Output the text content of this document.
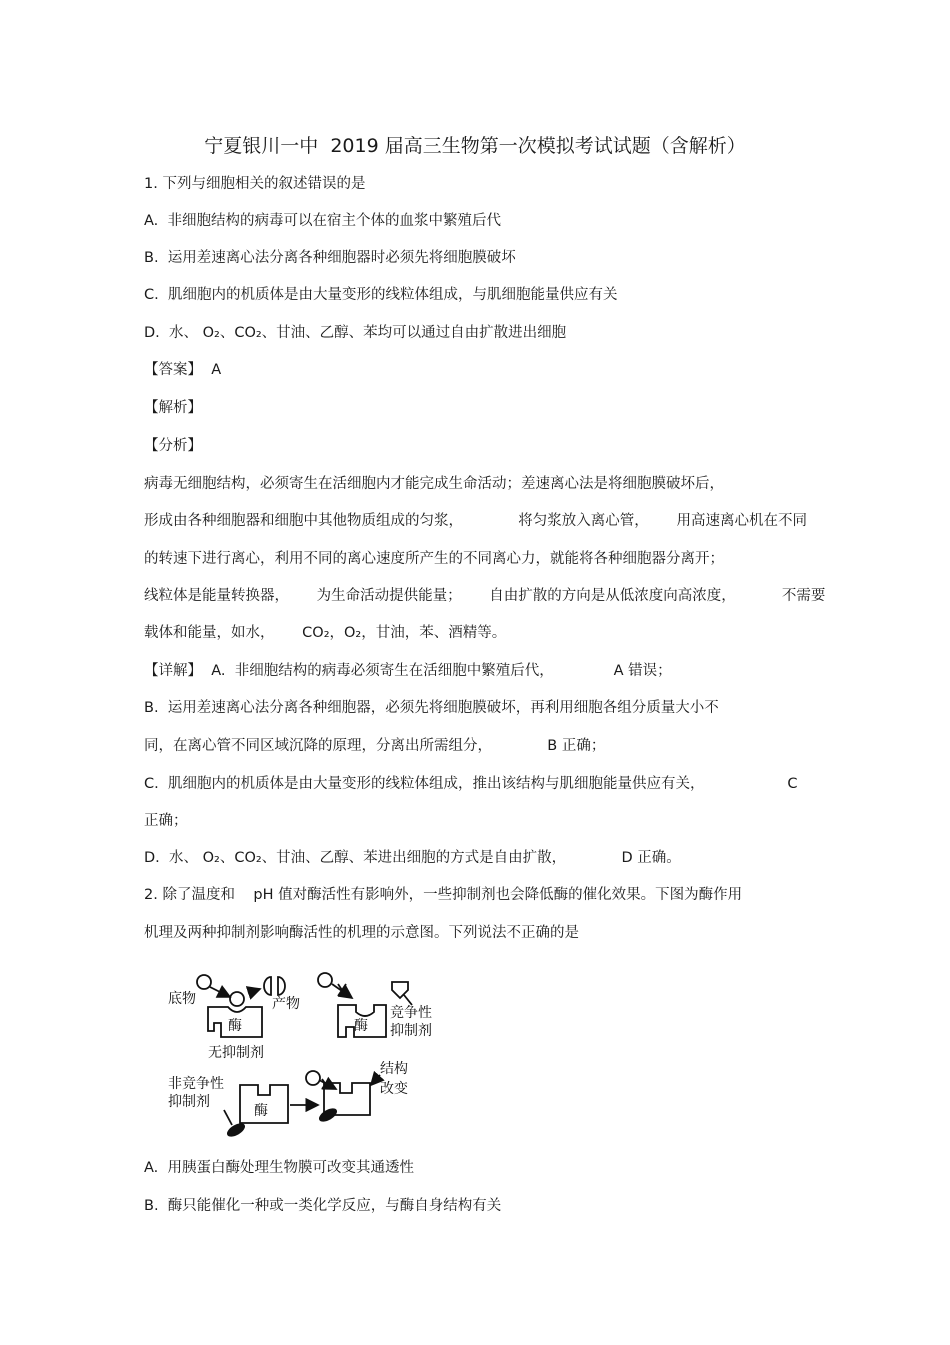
宁夏银川一中  2019 届高三生物第一次模拟考试试题（含解析）
1. 下列与细胞相关的叙述错误的是
A.  非细胞结构的病毒可以在宿主个体的血浆中繁殖后代
B.  运用差速离心法分离各种细胞器时必须先将细胞膜破坏
C.  肌细胞内的机质体是由大量变形的线粒体组成，与肌细胞能量供应有关
D.  水、 O₂、CO₂、甘油、乙醇、苯均可以通过自由扩散进出细胞
【答案】  A
【解析】
【分析】
病毒无细胞结构，必须寄生在活细胞内才能完成生命活动；差速离心法是将细胞膜破坏后，
形成由各种细胞器和细胞中其他物质组成的匀浆，            将匀浆放入离心管，      用高速离心机在不同
的转速下进行离心，利用不同的离心速度所产生的不同离心力，就能将各种细胞器分离开；
线粒体是能量转换器，      为生命活动提供能量；      自由扩散的方向是从低浓度向高浓度，          不需要
载体和能量，如水，      CO₂，O₂，甘油，苯、酒精等。
【详解】  A.  非细胞结构的病毒必须寄生在活细胞中繁殖后代，             A 错误；
B.  运用差速离心法分离各种细胞器，必须先将细胞膜破坏，再利用细胞各组分质量大小不
同，在离心管不同区域沉降的原理，分离出所需组分，            B 正确；
C.  肌细胞内的机质体是由大量变形的线粒体组成，推出该结构与肌细胞能量供应有关，                  C
正确；
D.  水、 O₂、CO₂、甘油、乙醇、苯进出细胞的方式是自由扩散，            D 正确。
2. 除了温度和    pH 值对酶活性有影响外，一些抑制剂也会降低酶的催化效果。下图为酶作用
机理及两种抑制剂影响酶活性的机理的示意图。下列说法不正确的是
底物	产物
酶
无抑制剂
竞争性
抑制剂
酶
非竞争性
抑制剂
酶
结构
改变
A.  用胰蛋白酶处理生物膜可改变其通透性
B.  酶只能催化一种或一类化学反应，与酶自身结构有关
